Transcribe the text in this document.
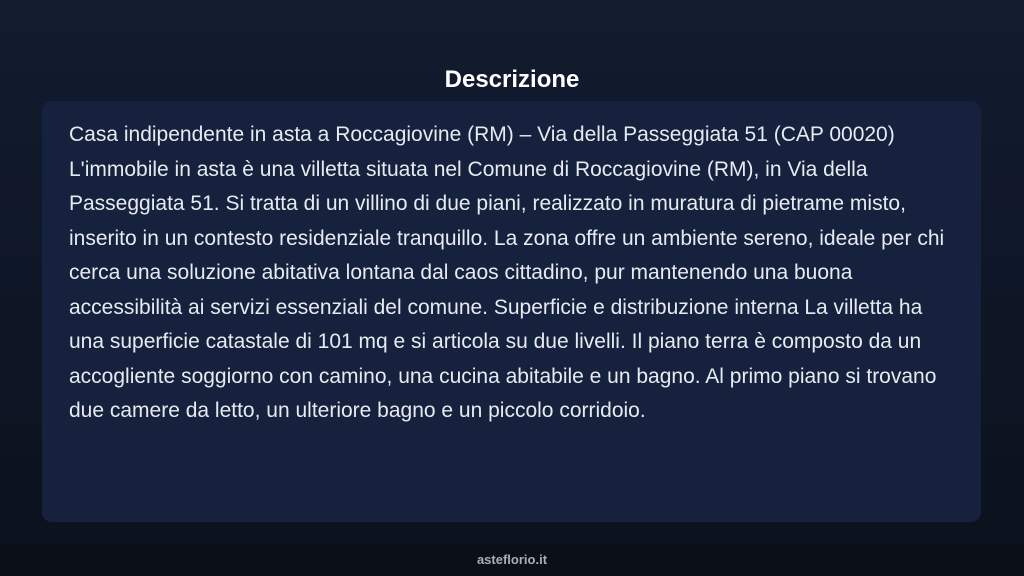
Descrizione

Casa indipendente in asta a Roccagiovine (RM) – Via della Passeggiata 51 (CAP 00020) L'immobile in asta è una villetta situata nel Comune di Roccagiovine (RM), in Via della Passeggiata 51. Si tratta di un villino di due piani, realizzato in muratura di pietrame misto, inserito in un contesto residenziale tranquillo. La zona offre un ambiente sereno, ideale per chi cerca una soluzione abitativa lontana dal caos cittadino, pur mantenendo una buona accessibilità ai servizi essenziali del comune. Superficie e distribuzione interna La villetta ha una superficie catastale di 101 mq e si articola su due livelli. Il piano terra è composto da un accogliente soggiorno con camino, una cucina abitabile e un bagno. Al primo piano si trovano due camere da letto, un ulteriore bagno e un piccolo corridoio.

asteflorio.it
